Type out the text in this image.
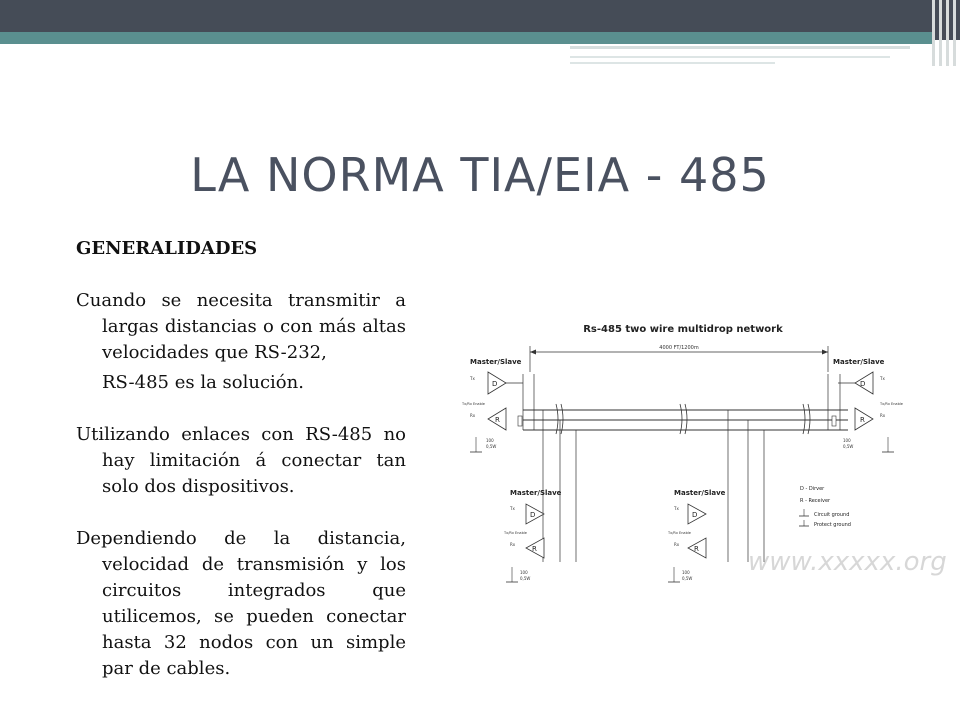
LA NORMA TIA/EIA - 485
GENERALIDADES

Cuando se necesita transmitir a largas distancias o con más altas velocidades que RS-232,

RS-485 es la solución.

Utilizando enlaces con RS-485 no hay limitación á conectar tan solo dos dispositivos.

Dependiendo de la distancia, velocidad de transmisión y los circuitos integrados que utilicemos, se pueden conectar hasta 32 nodos con un simple par de cables.

Rs-485 two wire multidrop network
4000 FT/1200m
Master/Slave
D
R
Tx
Rx
Tx/Rx Enable
100
0,5W
Master/Slave
D
R
Tx
Rx
Tx/Rx Enable
100
0,5W
Master/Slave
D
R
Tx
Rx
Tx/Rx Enable
100
0,5W
Master/Slave
D
R
Tx
Rx
Tx/Rx Enable
100
0,5W
D - Dirver
R - Receiver
Circuit ground
Protect ground
www.xxxxx.org
